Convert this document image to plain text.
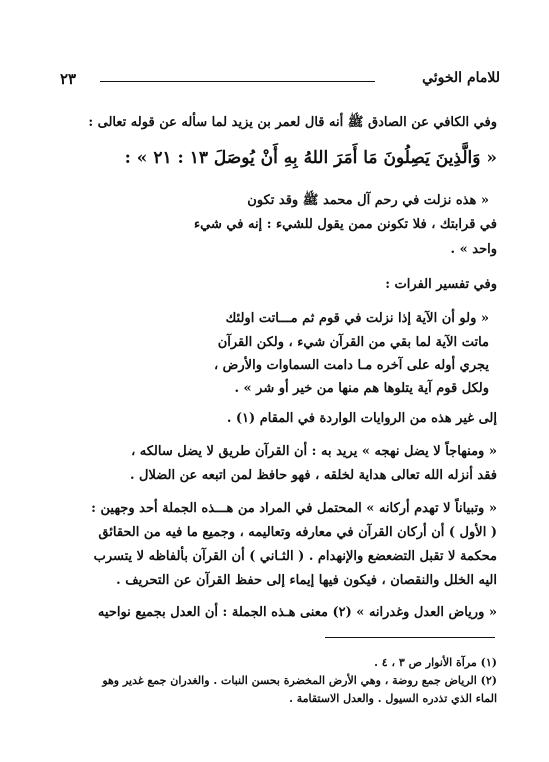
للامام الخوئي
٢٣
وفي الكافي عن الصادق ﷺ أنه قال لعمر بن يزيد لما سأله عن قوله تعالى :
« وَالَّذِينَ يَصِلُونَ مَا أَمَرَ اللهُ بِهِ أَنْ يُوصَلَ ١٣ : ٢١ » :
« هذه نزلت في رحم آل محمد ﷺ وقد تكون
في قرابتك ، فلا تكونن ممن يقول للشيء : إنه في شيء
واحد » .
وفي تفسير الفرات :
« ولو أن الآية إذا نزلت في قوم ثم مـــاتت اولئك
ماتت الآية لما بقي من القرآن شيء ، ولكن القرآن
يجري أوله على آخره مـا دامت السماوات والأرض ،
ولكل قوم آية يتلوها هم منها من خير أو شر » .
إلى غير هذه من الروايات الواردة في المقام (١) .
« ومنهاجاً لا يضل نهجه » يريد به : أن القرآن طريق لا يضل سالكه ،
فقد أنزله الله تعالى هداية لخلقه ، فهو حافظ لمن اتبعه عن الضلال .
« وتبياناً لا تهدم أركانه » المحتمل في المراد من هـــذه الجملة أحد وجهين :
( الأول ) أن أركان القرآن في معارفه وتعاليمه ، وجميع ما فيه من الحقائق
محكمة لا تقبل التضعضع والإنهدام . ( الثـاني ) أن القرآن بألفاظه لا يتسرب
اليه الخلل والنقصان ، فيكون فيها إيماء إلى حفظ القرآن عن التحريف .
« ورياض العدل وغدرانه » (٢) معنى هـذه الجملة : أن العدل بجميع نواحيه
(١) مرآة الأنوار ص ٣ ، ٤ .
(٢) الرياض جمع روضة ، وهي الأرض المخضرة بحسن النبات . والغدران جمع غدير وهو
الماء الذي تذدره السيول . والعدل الاستقامة .
